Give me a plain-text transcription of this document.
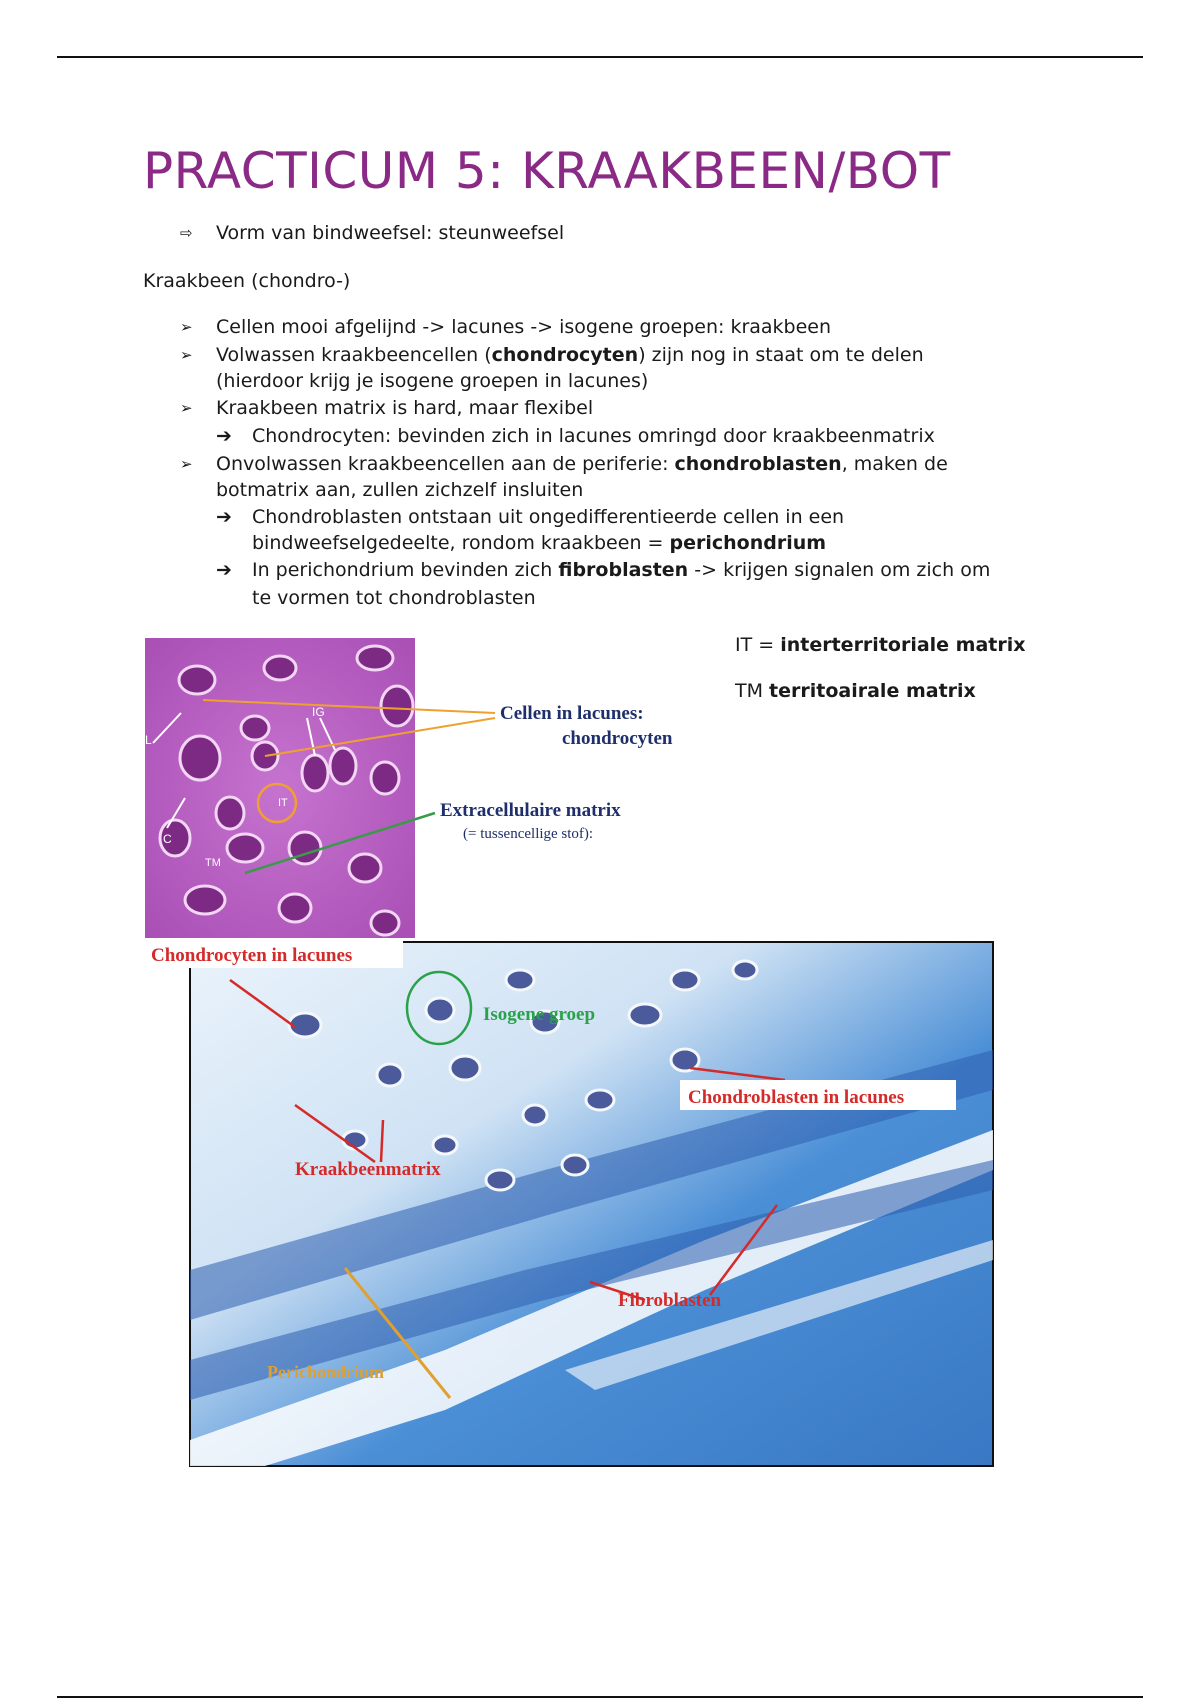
PRACTICUM 5: KRAAKBEEN/BOT
⇨ Vorm van bindweefsel: steunweefsel
Kraakbeen (chondro-)
➢ Cellen mooi afgelijnd -> lacunes -> isogene groepen: kraakbeen
➢ Volwassen kraakbeencellen (chondrocyten) zijn nog in staat om te delen
(hierdoor krijg je isogene groepen in lacunes)
➢ Kraakbeen matrix is hard, maar flexibel
➔ Chondrocyten: bevinden zich in lacunes omringd door kraakbeenmatrix
➢ Onvolwassen kraakbeencellen aan de periferie: chondroblasten, maken de
botmatrix aan, zullen zichzelf insluiten
➔ Chondroblasten ontstaan uit ongedifferentieerde cellen in een
bindweefselgedeelte, rondom kraakbeen = perichondrium
➔ In perichondrium bevinden zich fibroblasten -> krijgen signalen om zich om
te vormen tot chondroblasten
IT = interterritoriale matrix
TM territoairale matrix
IG
L
C
IT
TM
Cellen in lacunes:
chondrocyten
Extracellulaire matrix
(= tussencellige stof):
Chondrocyten in lacunes
Isogene groep
Chondroblasten in lacunes
Kraakbeenmatrix
Fibroblasten
Perichondrium
